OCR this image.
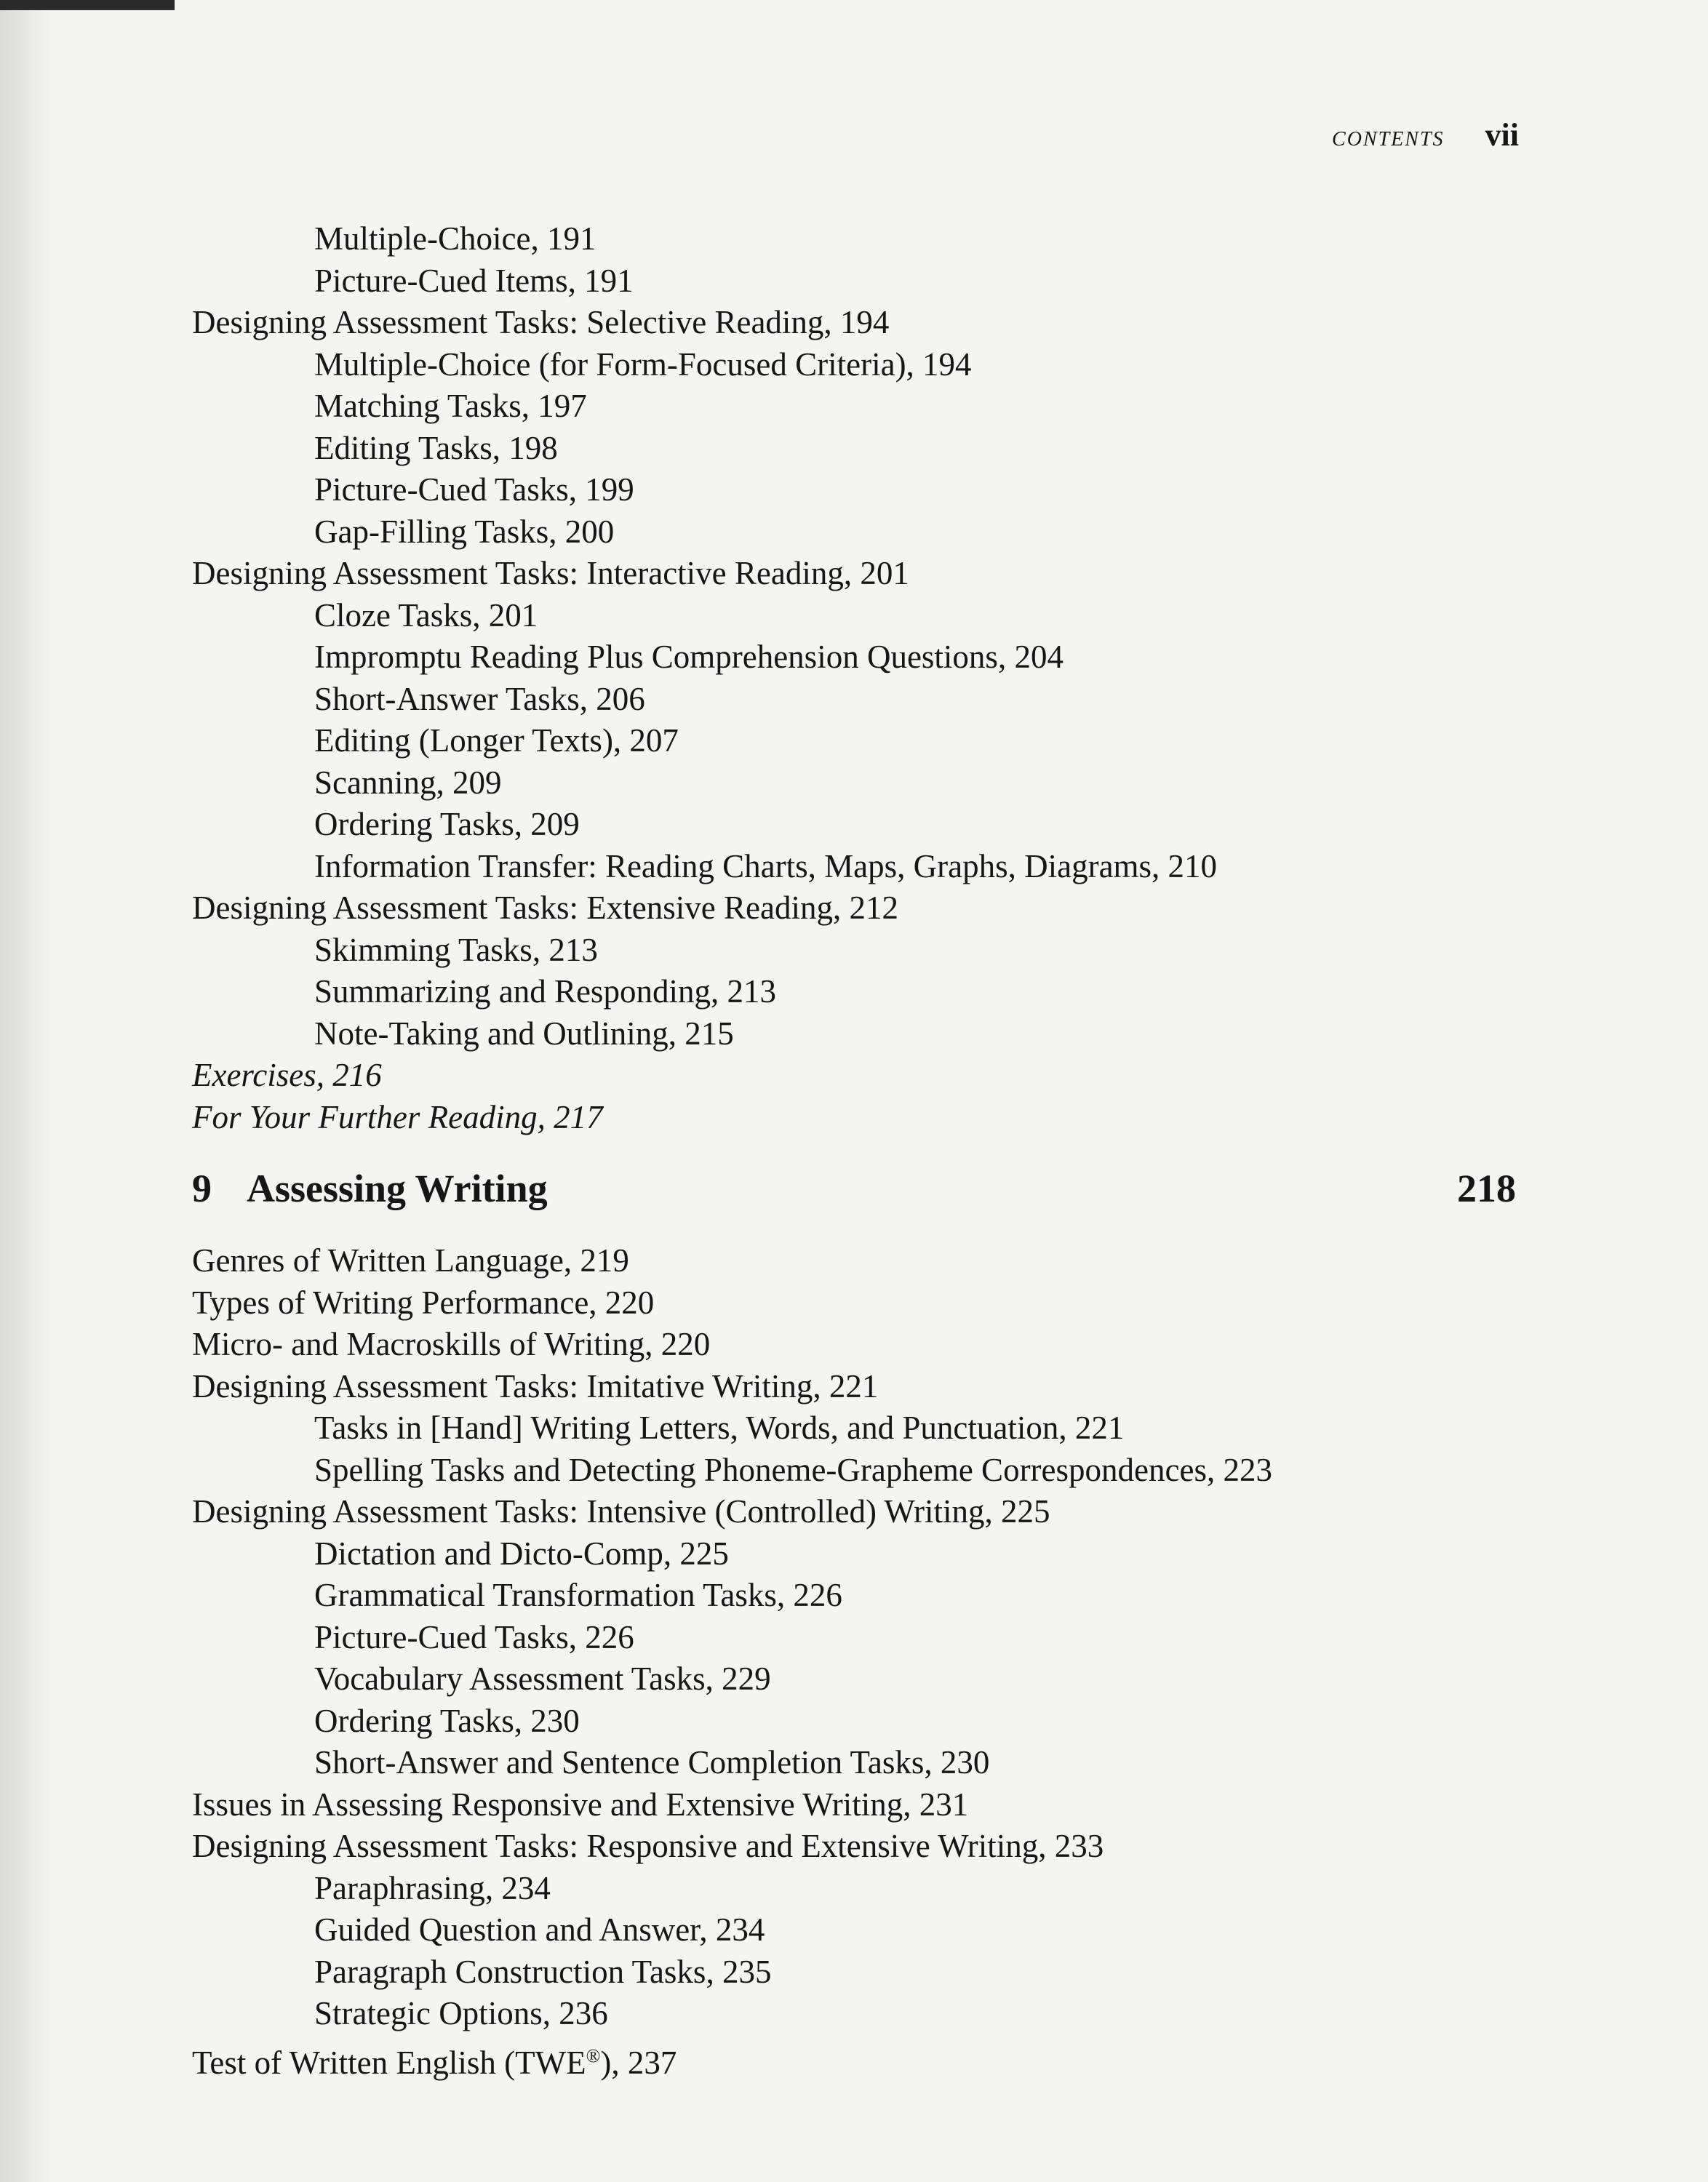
CONTENTS vii
Multiple-Choice, 191
Picture-Cued Items, 191
Designing Assessment Tasks: Selective Reading, 194
Multiple-Choice (for Form-Focused Criteria), 194
Matching Tasks, 197
Editing Tasks, 198
Picture-Cued Tasks, 199
Gap-Filling Tasks, 200
Designing Assessment Tasks: Interactive Reading, 201
Cloze Tasks, 201
Impromptu Reading Plus Comprehension Questions, 204
Short-Answer Tasks, 206
Editing (Longer Texts), 207
Scanning, 209
Ordering Tasks, 209
Information Transfer: Reading Charts, Maps, Graphs, Diagrams, 210
Designing Assessment Tasks: Extensive Reading, 212
Skimming Tasks, 213
Summarizing and Responding, 213
Note-Taking and Outlining, 215
Exercises, 216
For Your Further Reading, 217
9 Assessing Writing	218
Genres of Written Language, 219
Types of Writing Performance, 220
Micro- and Macroskills of Writing, 220
Designing Assessment Tasks: Imitative Writing, 221
Tasks in [Hand] Writing Letters, Words, and Punctuation, 221
Spelling Tasks and Detecting Phoneme-Grapheme Correspondences, 223
Designing Assessment Tasks: Intensive (Controlled) Writing, 225
Dictation and Dicto-Comp, 225
Grammatical Transformation Tasks, 226
Picture-Cued Tasks, 226
Vocabulary Assessment Tasks, 229
Ordering Tasks, 230
Short-Answer and Sentence Completion Tasks, 230
Issues in Assessing Responsive and Extensive Writing, 231
Designing Assessment Tasks: Responsive and Extensive Writing, 233
Paraphrasing, 234
Guided Question and Answer, 234
Paragraph Construction Tasks, 235
Strategic Options, 236
Test of Written English (TWE®), 237
